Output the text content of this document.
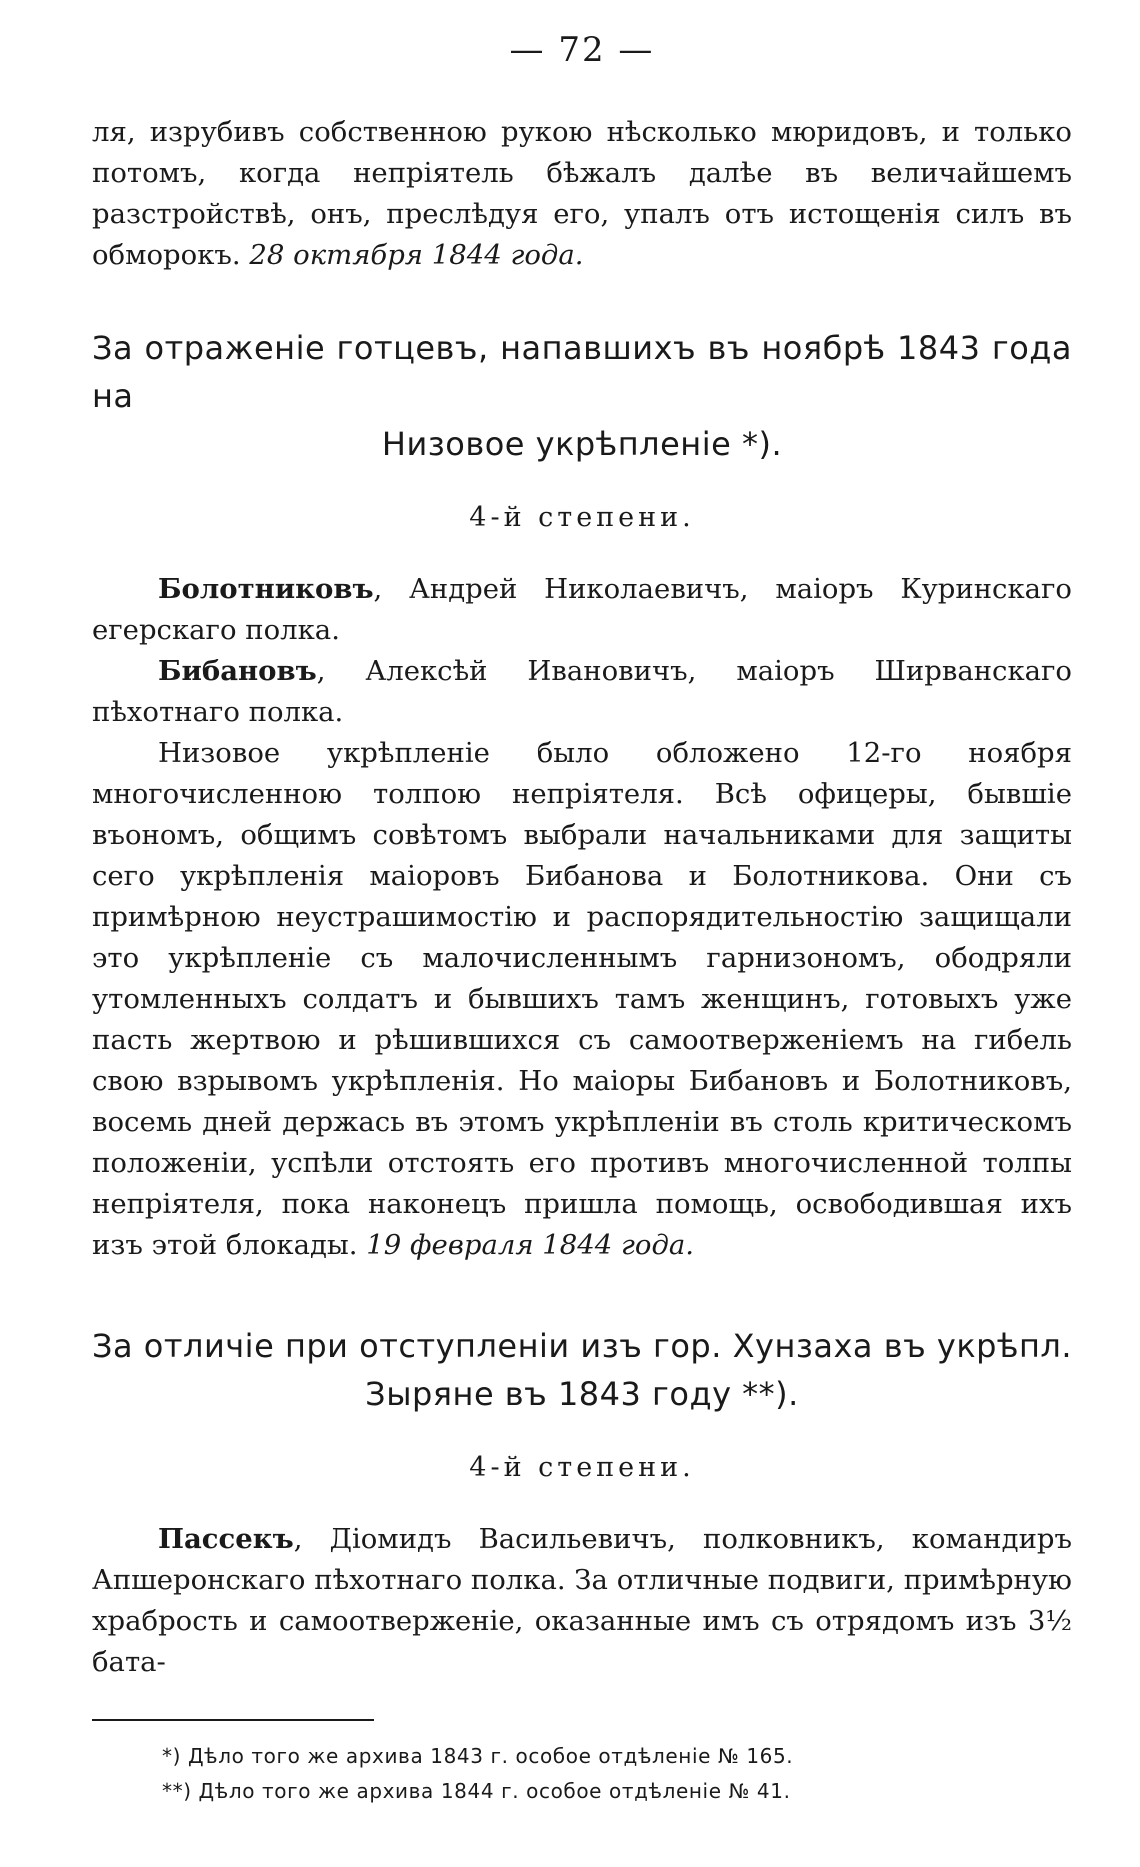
— 72 —

ля, изрубивъ собственною рукою нѣсколько мюридовъ, и только потомъ, когда непріятель бѣжалъ далѣе въ величайшемъ разстройствѣ, онъ, преслѣдуя его, упалъ отъ истощенія силъ въ обморокъ. 28 октября 1844 года.

За отраженіе готцевъ, напавшихъ въ ноябрѣ 1843 года на
Низовое укрѣпленіе *).
4-й степени.

Болотниковъ, Андрей Николаевичъ, маіоръ Куринскаго егерскаго полка.

Бибановъ, Алексѣй Ивановичъ, маіоръ Ширванскаго пѣхотнаго полка.

Низовое укрѣпленіе было обложено 12-го ноября многочисленною толпою непріятеля. Всѣ офицеры, бывшіе въономъ, общимъ совѣтомъ выбрали начальниками для защиты сего укрѣпленія маіоровъ Бибанова и Болотникова. Они съ примѣрною неустрашимостію и распорядительностію защищали это укрѣпленіе съ малочисленнымъ гарнизономъ, ободряли утомленныхъ солдатъ и бывшихъ тамъ женщинъ, готовыхъ уже пасть жертвою и рѣшившихся съ самоотверженіемъ на гибель свою взрывомъ укрѣпленія. Но маіоры Бибановъ и Болотниковъ, восемь дней держась въ этомъ укрѣпленіи въ столь критическомъ положеніи, успѣли отстоять его противъ многочисленной толпы непріятеля, пока наконецъ пришла помощь, освободившая ихъ изъ этой блокады. 19 февраля 1844 года.

За отличіе при отступленіи изъ гор. Хунзаха въ укрѣпл.
Зыряне въ 1843 году **).
4-й степени.

Пассекъ, Діомидъ Васильевичъ, полковникъ, командиръ Апшеронскаго пѣхотнаго полка. За отличные подвиги, примѣрную храбрость и самоотверженіе, оказанные имъ съ отрядомъ изъ 3½ бата-

*) Дѣло того же архива 1843 г. особое отдѣленіе № 165.
**) Дѣло того же архива 1844 г. особое отдѣленіе № 41.
